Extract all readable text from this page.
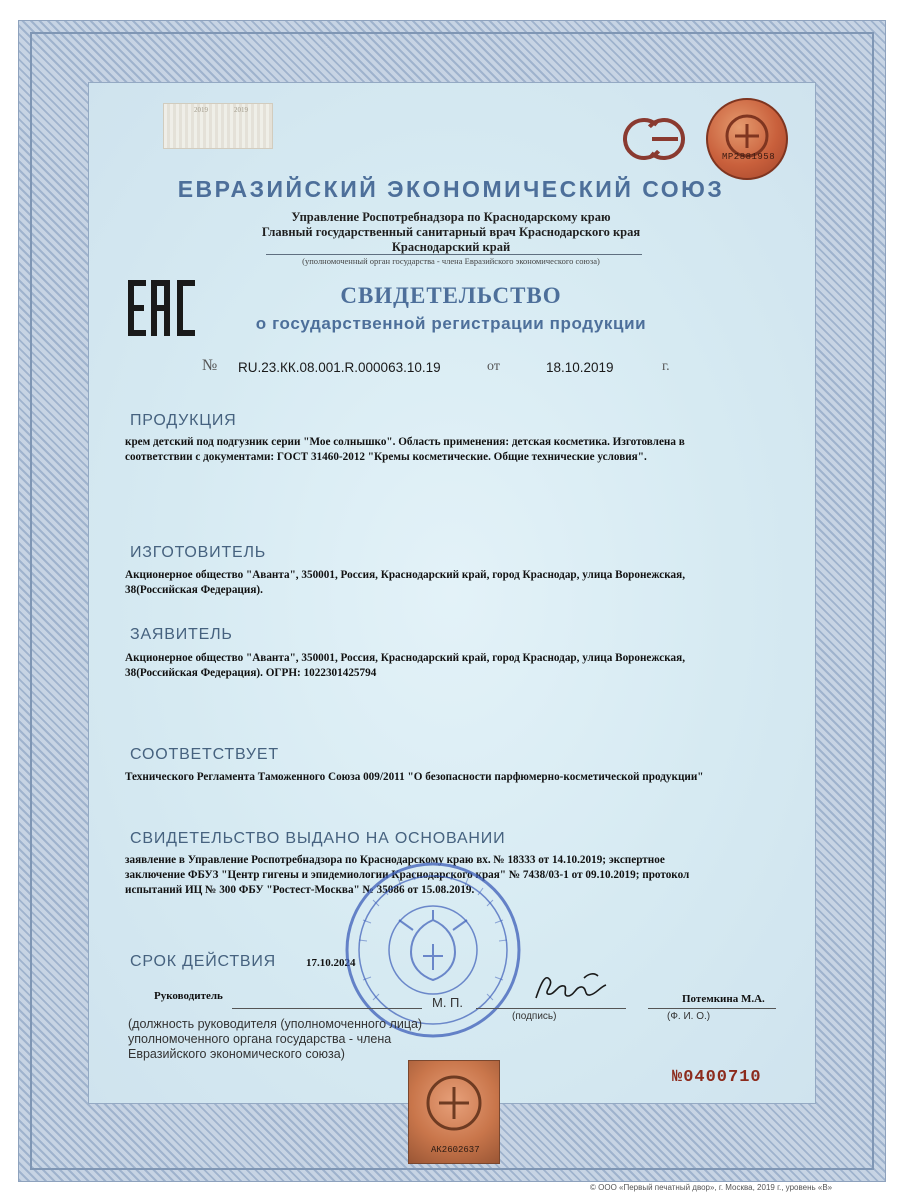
2019	2019
МР2881958
ЕВРАЗИЙСКИЙ ЭКОНОМИЧЕСКИЙ СОЮЗ
Управление Роспотребнадзора по Краснодарскому краю
Главный государственный санитарный врач Краснодарского края
Краснодарский край
(уполномоченный орган государства - члена Евразийского экономического союза)
СВИДЕТЕЛЬСТВО
о государственной регистрации продукции
№ RU.23.КК.08.001.R.000063.10.19	от	18.10.2019	г.
ПРОДУКЦИЯ
крем детский под подгузник серии "Мое солнышко". Область применения: детская косметика. Изготовлена в соответствии с документами: ГОСТ 31460-2012 "Кремы косметические. Общие технические условия".
ИЗГОТОВИТЕЛЬ
Акционерное общество "Аванта", 350001, Россия, Краснодарский край, город Краснодар, улица Воронежская, 38(Российская Федерация).
ЗАЯВИТЕЛЬ
Акционерное общество "Аванта", 350001, Россия, Краснодарский край, город Краснодар, улица Воронежская, 38(Российская Федерация). ОГРН: 1022301425794
СООТВЕТСТВУЕТ
Технического Регламента Таможенного Союза 009/2011 "О безопасности парфюмерно-косметической продукции"
СВИДЕТЕЛЬСТВО ВЫДАНО НА ОСНОВАНИИ
заявление в Управление Роспотребнадзора по Краснодарскому краю вх. № 18333 от 14.10.2019; экспертное заключение ФБУЗ "Центр гигены и эпидемиологии Краснодарского края" № 7438/03-1 от 09.10.2019; протокол испытаний ИЦ № 300 ФБУ "Ростест-Москва" № 35086 от 15.08.2019.
СРОК ДЕЙСТВИЯ	17.10.2024
Руководитель	М. П.	Потемкина М.А.
(подпись)	(Ф. И. О.)
(должность руководителя (уполномоченного лица) уполномоченного органа государства - члена Евразийского экономического союза)
АК2602637
№0400710
© ООО «Первый печатный двор», г. Москва, 2019 г., уровень «В»
